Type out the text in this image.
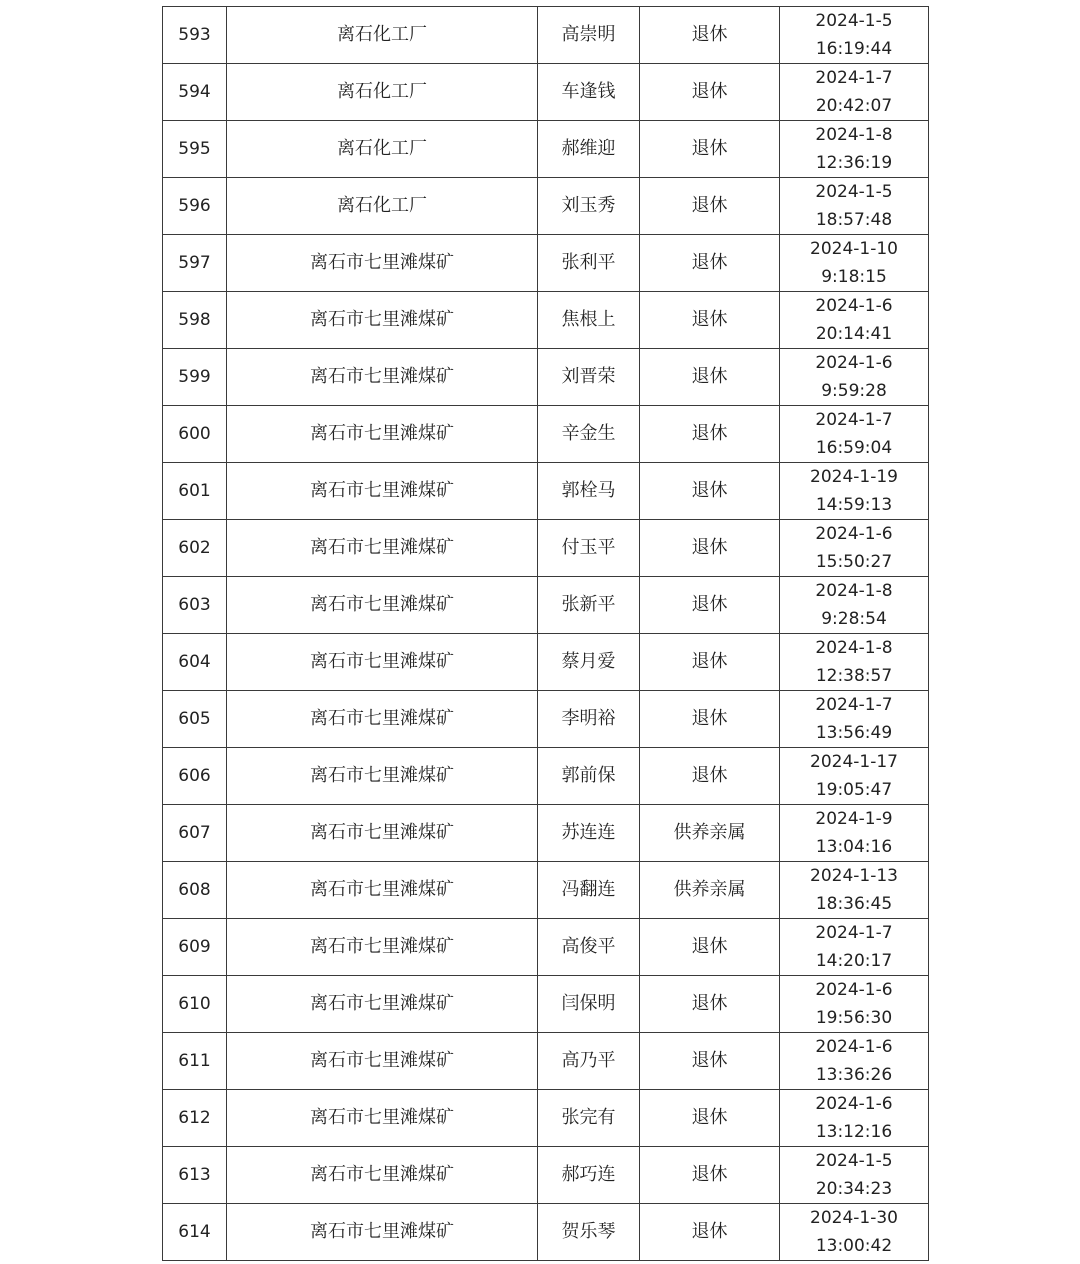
593	离石化工厂	高崇明	退休	2024-1-5
16:19:44

594	离石化工厂	车逢钱	退休	2024-1-7
20:42:07

595	离石化工厂	郝维迎	退休	2024-1-8
12:36:19

596	离石化工厂	刘玉秀	退休	2024-1-5
18:57:48

597	离石市七里滩煤矿	张利平	退休	2024-1-10
9:18:15

598	离石市七里滩煤矿	焦根上	退休	2024-1-6
20:14:41

599	离石市七里滩煤矿	刘晋荣	退休	2024-1-6
9:59:28

600	离石市七里滩煤矿	辛金生	退休	2024-1-7
16:59:04

601	离石市七里滩煤矿	郭栓马	退休	2024-1-19
14:59:13

602	离石市七里滩煤矿	付玉平	退休	2024-1-6
15:50:27

603	离石市七里滩煤矿	张新平	退休	2024-1-8
9:28:54

604	离石市七里滩煤矿	蔡月爱	退休	2024-1-8
12:38:57

605	离石市七里滩煤矿	李明裕	退休	2024-1-7
13:56:49

606	离石市七里滩煤矿	郭前保	退休	2024-1-17
19:05:47

607	离石市七里滩煤矿	苏连连	供养亲属	2024-1-9
13:04:16

608	离石市七里滩煤矿	冯翻连	供养亲属	2024-1-13
18:36:45

609	离石市七里滩煤矿	高俊平	退休	2024-1-7
14:20:17

610	离石市七里滩煤矿	闫保明	退休	2024-1-6
19:56:30

611	离石市七里滩煤矿	高乃平	退休	2024-1-6
13:36:26

612	离石市七里滩煤矿	张完有	退休	2024-1-6
13:12:16

613	离石市七里滩煤矿	郝巧连	退休	2024-1-5
20:34:23

614	离石市七里滩煤矿	贺乐琴	退休	2024-1-30
13:00:42
